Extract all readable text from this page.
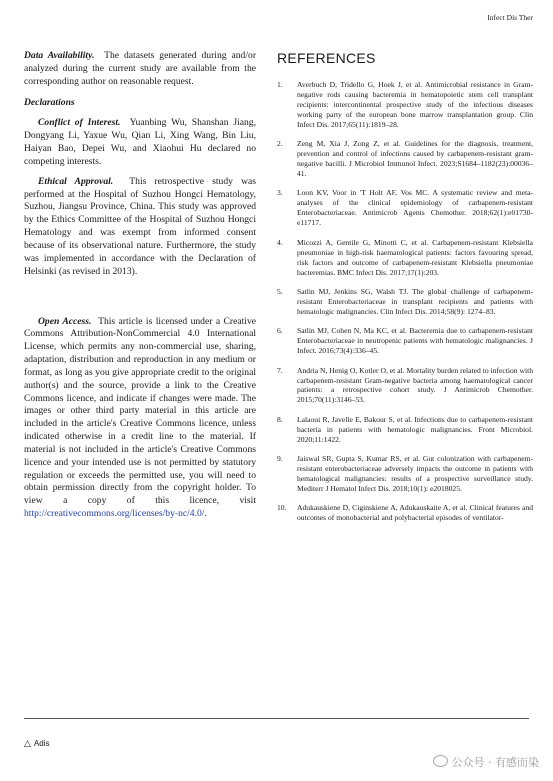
Infect Dis Ther

Data Availability. The datasets generated during and/or analyzed during the current study are available from the corresponding author on reasonable request.

Declarations

Conflict of Interest. Yuanbing Wu, Shanshan Jiang, Dongyang Li, Yaxue Wu, Qian Li, Xing Wang, Bin Liu, Haiyan Bao, Depei Wu, and Xiaohui Hu declared no competing interests.

Ethical Approval. This retrospective study was performed at the Hospital of Suzhou Hongci Hematology, Suzhou, Jiangsu Province, China. This study was approved by the Ethics Committee of the Hospital of Suzhou Hongci Hematology and was exempt from informed consent because of its observational nature. Furthermore, the study was implemented in accordance with the Declaration of Helsinki (as revised in 2013).

Open Access. This article is licensed under a Creative Commons Attribution-NonCommercial 4.0 International License, which permits any non-commercial use, sharing, adaptation, distribution and reproduction in any medium or format, as long as you give appropriate credit to the original author(s) and the source, provide a link to the Creative Commons licence, and indicate if changes were made. The images or other third party material in this article are included in the article's Creative Commons licence, unless indicated otherwise in a credit line to the material. If material is not included in the article's Creative Commons licence and your intended use is not permitted by statutory regulation or exceeds the permitted use, you will need to obtain permission directly from the copyright holder. To view a copy of this licence, visit http://creativecommons.org/licenses/by-nc/4.0/.

REFERENCES
1.	Averbuch D, Tridello G, Hoek J, et al. Antimicrobial resistance in Gram-negative rods causing bacteremia in hematopoietic stem cell transplant recipients: intercontinental prospective study of the infectious diseases working party of the european bone marrow transplantation group. Clin Infect Dis. 2017;65(11):1819–28.
2.	Zeng M, Xia J, Zong Z, et al. Guidelines for the diagnosis, treatment, prevention and control of infections caused by carbapenem-resistant gram-negative bacilli. J Microbiol Immunol Infect. 2023;S1684–1182(23):00036–41.
3.	Loon KV, Voor in 'T Holt AF, Vos MC. A systematic review and meta-analyses of the clinical epidemiology of carbapenem-resistant Enterobacteriaceae. Antimicrob Agents Chemother. 2018;62(1):e01730-e11717.
4.	Micozzi A, Gentile G, Minotti C, et al. Carbapenem-resistant Klebsiella pneumoniae in high-risk haematological patients: factors favouring spread, risk factors and outcome of carbapenem-resistant Klebsiella pneumoniae bacteremias. BMC Infect Dis. 2017;17(1):203.
5.	Satlin MJ, Jenkins SG, Walsh TJ. The global challenge of carbapenem-resistant Enterobacteriaceae in transplant recipients and patients with hematologic malignancies. Clin Infect Dis. 2014;58(9): 1274–83.
6.	Satlin MJ, Cohen N, Ma KC, et al. Bacteremia due to carbapenem-resistant Enterobacteriaceae in neutropenic patients with hematologic malignancies. J Infect. 2016;73(4):336–45.
7.	Andria N, Henig O, Kotler O, et al. Mortality burden related to infection with carbapenem-resistant Gram-negative bacteria among haematological cancer patients: a retrospective cohort study. J Antimicrob Chemother. 2015;70(11):3146–53.
8.	Lalaoui R, Javelle E, Bakour S, et al. Infections due to carbapenem-resistant bacteria in patients with hematologic malignancies. Front Microbiol. 2020;11:1422.
9.	Jaiswal SR, Gupta S, Kumar RS, et al. Gut colonization with carbapenem-resistant enterobacteriaceae adversely impacts the outcome in patients with hematological malignancies: results of a prospective surveillance study. Mediterr J Hematol Infect Dis. 2018;10(1): e2018025.
10.	Adukauskiene D, Ciginskiene A, Adukauskaite A, et al. Clinical features and outcomes of monobacterial and polybacterial episodes of ventilator-
△ Adis
公众号 · 有感而染
